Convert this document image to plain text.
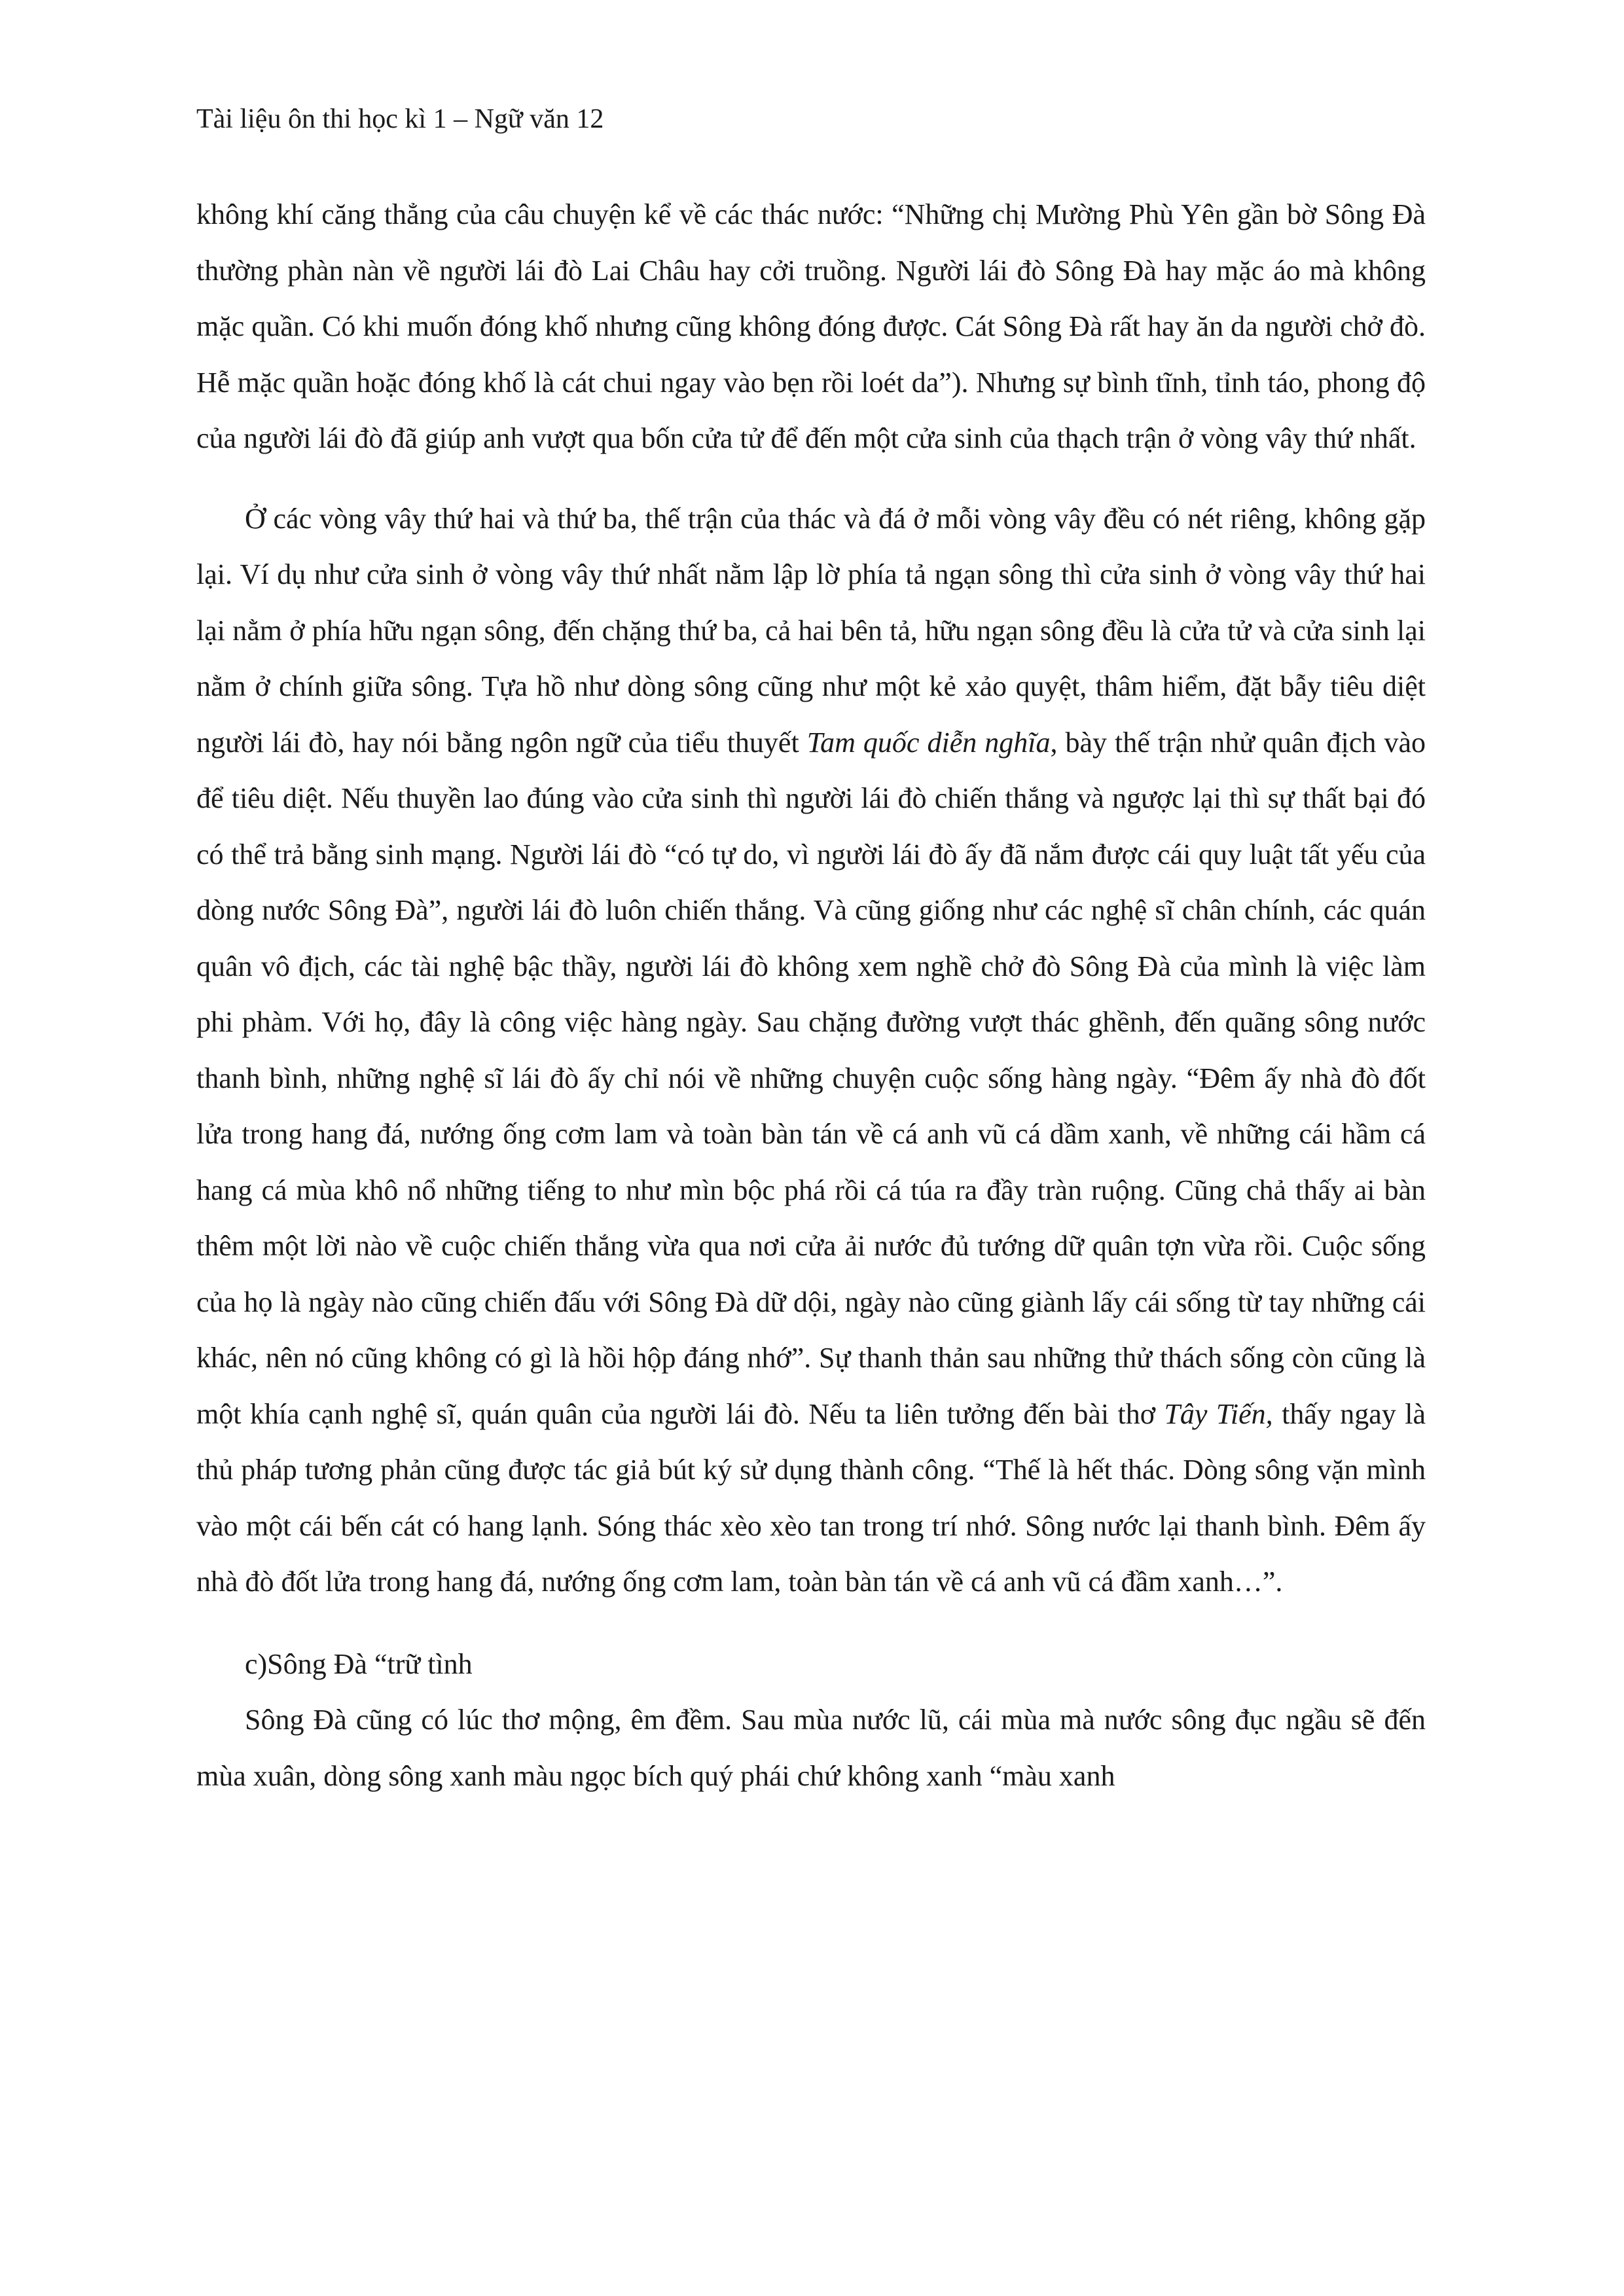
Tài liệu ôn thi học kì 1 – Ngữ văn 12

không khí căng thẳng của câu chuyện kể về các thác nước: “Những chị Mường Phù Yên gần bờ Sông Đà thường phàn nàn về người lái đò Lai Châu hay cởi truồng. Người lái đò Sông Đà hay mặc áo mà không mặc quần. Có khi muốn đóng khố nhưng cũng không đóng được. Cát Sông Đà rất hay ăn da người chở đò. Hễ mặc quần hoặc đóng khố là cát chui ngay vào bẹn rồi loét da”). Nhưng sự bình tĩnh, tỉnh táo, phong độ của người lái đò đã giúp anh vượt qua bốn cửa tử để đến một cửa sinh của thạch trận ở vòng vây thứ nhất.

Ở các vòng vây thứ hai và thứ ba, thế trận của thác và đá ở mỗi vòng vây đều có nét riêng, không gặp lại. Ví dụ như cửa sinh ở vòng vây thứ nhất nằm lập lờ phía tả ngạn sông thì cửa sinh ở vòng vây thứ hai lại nằm ở phía hữu ngạn sông, đến chặng thứ ba, cả hai bên tả, hữu ngạn sông đều là cửa tử và cửa sinh lại nằm ở chính giữa sông. Tựa hồ như dòng sông cũng như một kẻ xảo quyệt, thâm hiểm, đặt bẫy tiêu diệt người lái đò, hay nói bằng ngôn ngữ của tiểu thuyết Tam quốc diễn nghĩa, bày thế trận nhử quân địch vào để tiêu diệt. Nếu thuyền lao đúng vào cửa sinh thì người lái đò chiến thắng và ngược lại thì sự thất bại đó có thể trả bằng sinh mạng. Người lái đò “có tự do, vì người lái đò ấy đã nắm được cái quy luật tất yếu của dòng nước Sông Đà”, người lái đò luôn chiến thắng. Và cũng giống như các nghệ sĩ chân chính, các quán quân vô địch, các tài nghệ bậc thầy, người lái đò không xem nghề chở đò Sông Đà của mình là việc làm phi phàm. Với họ, đây là công việc hàng ngày. Sau chặng đường vượt thác ghềnh, đến quãng sông nước thanh bình, những nghệ sĩ lái đò ấy chỉ nói về những chuyện cuộc sống hàng ngày. “Đêm ấy nhà đò đốt lửa trong hang đá, nướng ống cơm lam và toàn bàn tán về cá anh vũ cá dầm xanh, về những cái hầm cá hang cá mùa khô nổ những tiếng to như mìn bộc phá rồi cá túa ra đầy tràn ruộng. Cũng chả thấy ai bàn thêm một lời nào về cuộc chiến thắng vừa qua nơi cửa ải nước đủ tướng dữ quân tợn vừa rồi. Cuộc sống của họ là ngày nào cũng chiến đấu với Sông Đà dữ dội, ngày nào cũng giành lấy cái sống từ tay những cái khác, nên nó cũng không có gì là hồi hộp đáng nhớ”. Sự thanh thản sau những thử thách sống còn cũng là một khía cạnh nghệ sĩ, quán quân của người lái đò. Nếu ta liên tưởng đến bài thơ Tây Tiến, thấy ngay là thủ pháp tương phản cũng được tác giả bút ký sử dụng thành công. “Thế là hết thác. Dòng sông vặn mình vào một cái bến cát có hang lạnh. Sóng thác xèo xèo tan trong trí nhớ. Sông nước lại thanh bình. Đêm ấy nhà đò đốt lửa trong hang đá, nướng ống cơm lam, toàn bàn tán về cá anh vũ cá đầm xanh…”.

c)Sông Đà “trữ tình

Sông Đà cũng có lúc thơ mộng, êm đềm. Sau mùa nước lũ, cái mùa mà nước sông đục ngầu sẽ đến mùa xuân, dòng sông xanh màu ngọc bích quý phái chứ không xanh “màu xanh
